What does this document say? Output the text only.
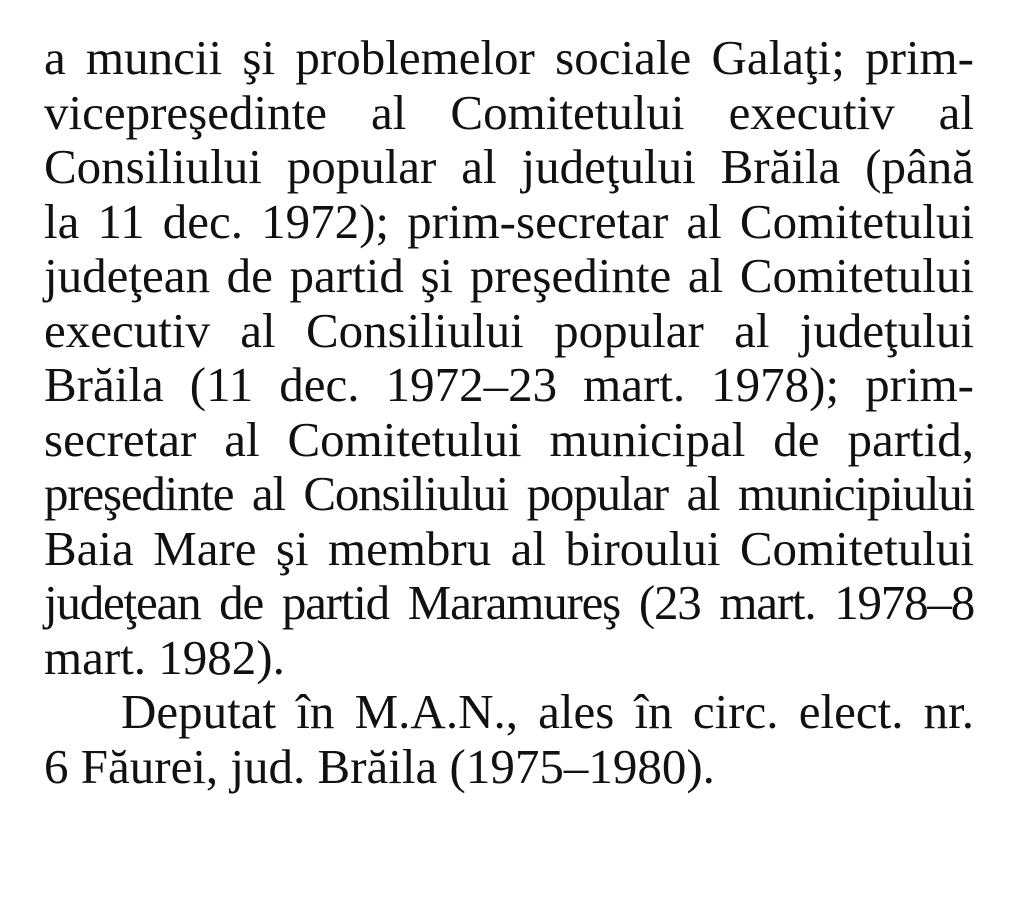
a muncii şi problemelor sociale Galaţi; prim-
vicepreşedinte al Comitetului executiv al
Consiliului popular al judeţului Brăila (până
la 11 dec. 1972); prim-secretar al Comitetului
judeţean de partid şi preşedinte al Comitetului
executiv al Consiliului popular al judeţului
Brăila (11 dec. 1972–23 mart. 1978); prim-
secretar al Comitetului municipal de partid,
preşedinte al Consiliului popular al municipiului
Baia Mare şi membru al biroului Comitetului
judeţean de partid Maramureş (23 mart. 1978–8
mart. 1982).
Deputat în M.A.N., ales în circ. elect. nr.
6 Făurei, jud. Brăila (1975–1980).
